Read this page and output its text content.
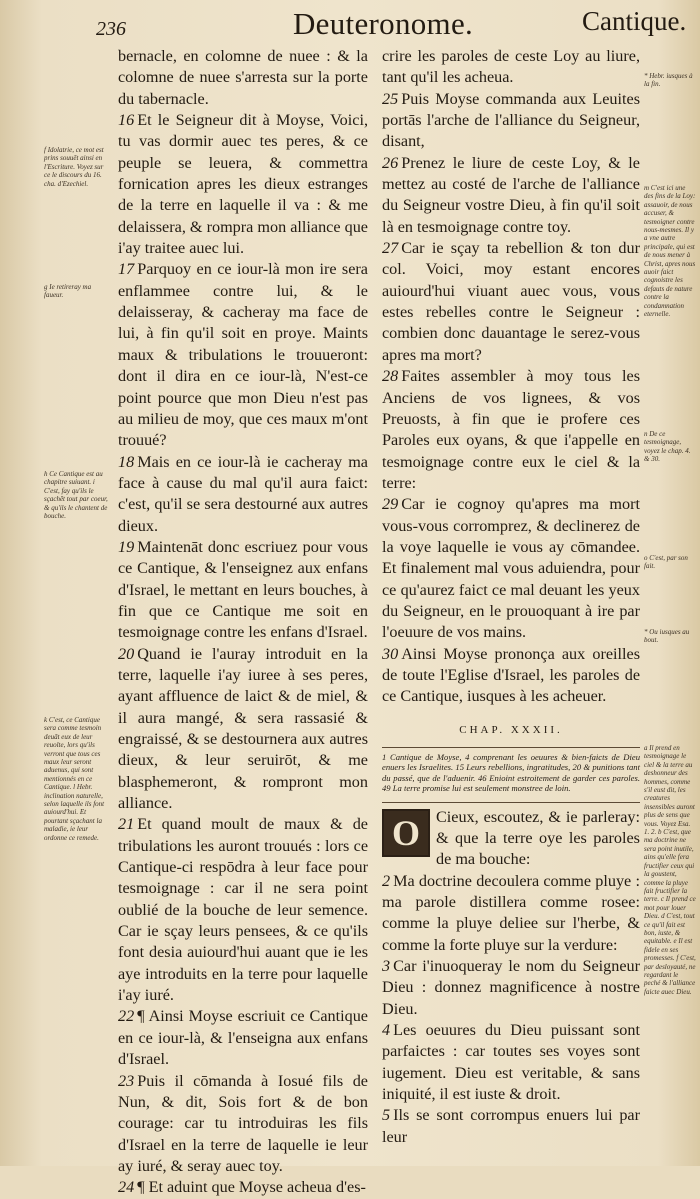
236	Deuteronome.	Cantique.
f Idolatrie, ce mot est prins souuēt ainsi en l'Escriture. Voyez sur ce le discours du 16. cha. d'Ezechiel.
g Ie retireray ma faueur.
h Ce Cantique est au chapitre suiuant. i C'est, fay qu'ils le sçachēt tout par coeur, & qu'ils le chantent de bouche.
k C'est, ce Cantique sera comme tesmoin deuāt eux de leur reuolte, lors qu'ils verront que tous ces maux leur seront aduenus, qui sont mentionnés en ce Cantique. l Hebr. inclination naturelle, selon laquelle ils font auiourd'hui. Et pourtant sçachant la maladie, ie leur ordonne ce remede.
* Hebr. iusques à la fin.
m C'est ici une des fins de la Loy: assauoir, de nous accuser, & tesmoigner contre nous-mesmes. Il y a vne autre principale, qui est de nous mener à Christ, apres nous auoir faict cognoistre les defauts de nature contre la condamnation eternelle.
n De ce tesmoignage, voyez le chap. 4. & 30.
o C'est, par son fait.
* Ou iusques au bout.
a Il prend en tesmoignage le ciel & la terre au deshonneur des hommes, comme s'il eust dit, les creatures insensibles auront plus de sens que vous. Voyez Esa. 1. 2. b C'est, que ma doctrine ne sera point inutile, ains qu'elle fera fructifier ceux qui la goustent, comme la pluye fait fructifier la terre. c Il prend ce mot pour louer Dieu. d C'est, tout ce qu'il fait est bon, iuste, & equitable. e Il est fidele en ses promesses. f C'est, par desloyauté, ne regardant le peché & l'alliance faicte auec Dieu.

bernacle, en colomne de nuee : & la colomne de nuee s'arresta sur la porte du tabernacle.

16 Et le Seigneur dit à Moyse, Voici, tu vas dormir auec tes peres, & ce peuple se leuera, & commettra fornication apres les dieux estranges de la terre en laquelle il va : & me delaissera, & rompra mon alliance que i'ay traitee auec lui.

17 Parquoy en ce iour-là mon ire sera enflammee contre lui, & le delaisseray, & cacheray ma face de lui, à fin qu'il soit en proye. Maints maux & tribulations le trouueront: dont il dira en ce iour-là, N'est-ce point pource que mon Dieu n'est pas au milieu de moy, que ces maux m'ont trouué?

18 Mais en ce iour-là ie cacheray ma face à cause du mal qu'il aura faict: c'est, qu'il se sera destourné aux autres dieux.

19 Maintenāt donc escriuez pour vous ce Cantique, & l'enseignez aux enfans d'Israel, le mettant en leurs bouches, à fin que ce Cantique me soit en tesmoignage contre les enfans d'Israel.

20 Quand ie l'auray introduit en la terre, laquelle i'ay iuree à ses peres, ayant affluence de laict & de miel, & il aura mangé, & sera rassasié & engraissé, & se destournera aux autres dieux, & leur seruirōt, & me blasphemeront, & rompront mon alliance.

21 Et quand moult de maux & de tribulations les auront trouués : lors ce Cantique-ci respōdra à leur face pour tesmoignage : car il ne sera point oublié de la bouche de leur semence. Car ie sçay leurs pensees, & ce qu'ils font desia auiourd'hui auant que ie les aye introduits en la terre pour laquelle i'ay iuré.

22 ¶ Ainsi Moyse escriuit ce Cantique en ce iour-là, & l'enseigna aux enfans d'Israel.

23 Puis il cōmanda à Iosué fils de Nun, & dit, Sois fort & de bon courage: car tu introduiras les fils d'Israel en la terre de laquelle ie leur ay iuré, & seray auec toy.

24 ¶ Et aduint que Moyse acheua d'es-

crire les paroles de ceste Loy au liure, tant qu'il les acheua.

25 Puis Moyse commanda aux Leuites portās l'arche de l'alliance du Seigneur, disant,

26 Prenez le liure de ceste Loy, & le mettez au costé de l'arche de l'alliance du Seigneur vostre Dieu, à fin qu'il soit là en tesmoignage contre toy.

27 Car ie sçay ta rebellion & ton dur col. Voici, moy estant encores auiourd'hui viuant auec vous, vous estes rebelles contre le Seigneur : combien donc dauantage le serez-vous apres ma mort?

28 Faites assembler à moy tous les Anciens de vos lignees, & vos Preuosts, à fin que ie profere ces Paroles eux oyans, & que i'appelle en tesmoignage contre eux le ciel & la terre:

29 Car ie cognoy qu'apres ma mort vous-vous corromprez, & declinerez de la voye laquelle ie vous ay cōmandee. Et finalement mal vous aduiendra, pour ce qu'aurez faict ce mal deuant les yeux du Seigneur, en le prouoquant à ire par l'oeuure de vos mains.

30 Ainsi Moyse prononça aux oreilles de toute l'Eglise d'Israel, les paroles de ce Cantique, iusques à les acheuer.

CHAP. XXXII.

1 Cantique de Moyse, 4 comprenant les oeuures & bien-faicts de Dieu enuers les Israelites. 15 Leurs rebellions, ingratitudes, 20 & punitions tant du passé, que de l'aduenir. 46 Enioint estroitement de garder ces paroles. 49 La terre promise lui est seulement monstree de loin.

O Cieux, escoutez, & ie parleray: & que la terre oye les paroles de ma bouche:

2 Ma doctrine decoulera comme pluye : ma parole distillera comme rosee: comme la pluye deliee sur l'herbe, & comme la forte pluye sur la verdure:

3 Car i'inuoqueray le nom du Seigneur Dieu : donnez magnificence à nostre Dieu.

4 Les oeuures du Dieu puissant sont parfaictes : car toutes ses voyes sont iugement. Dieu est veritable, & sans iniquité, il est iuste & droit.

5 Ils se sont corrompus enuers lui par leur
